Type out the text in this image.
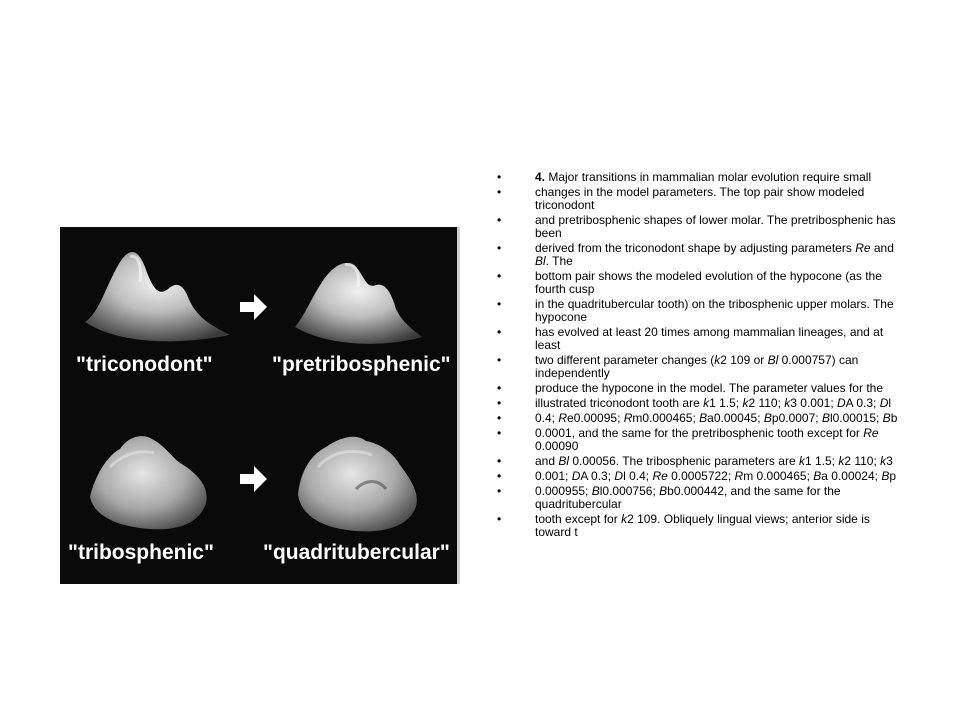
"triconodont"	"pretribosphenic"
"tribosphenic" "quadritubercular"
• 4. Major transitions in mammalian molar evolution require small
• changes in the model parameters. The top pair show modeled triconodont
• and pretribosphenic shapes of lower molar. The pretribosphenic has been
• derived from the triconodont shape by adjusting parameters Re and Bl. The
• bottom pair shows the modeled evolution of the hypocone (as the fourth cusp
• in the quadritubercular tooth) on the tribosphenic upper molars. The hypocone
• has evolved at least 20 times among mammalian lineages, and at least
• two different parameter changes (k2 109 or Bl 0.000757) can independently
• produce the hypocone in the model. The parameter values for the
• illustrated triconodont tooth are k1 1.5; k2 110; k3 0.001; DA 0.3; Dl
• 0.4; Re0.00095; Rm0.000465; Ba0.00045; Bp0.0007; Bl0.00015; Bb
• 0.0001, and the same for the pretribosphenic tooth except for Re 0.00090
• and Bl 0.00056. The tribosphenic parameters are k1 1.5; k2 110; k3
• 0.001; DA 0.3; Dl 0.4; Re 0.0005722; Rm 0.000465; Ba 0.00024; Bp
• 0.000955; Bl0.000756; Bb0.000442, and the same for the quadritubercular
• tooth except for k2 109. Obliquely lingual views; anterior side is toward t
